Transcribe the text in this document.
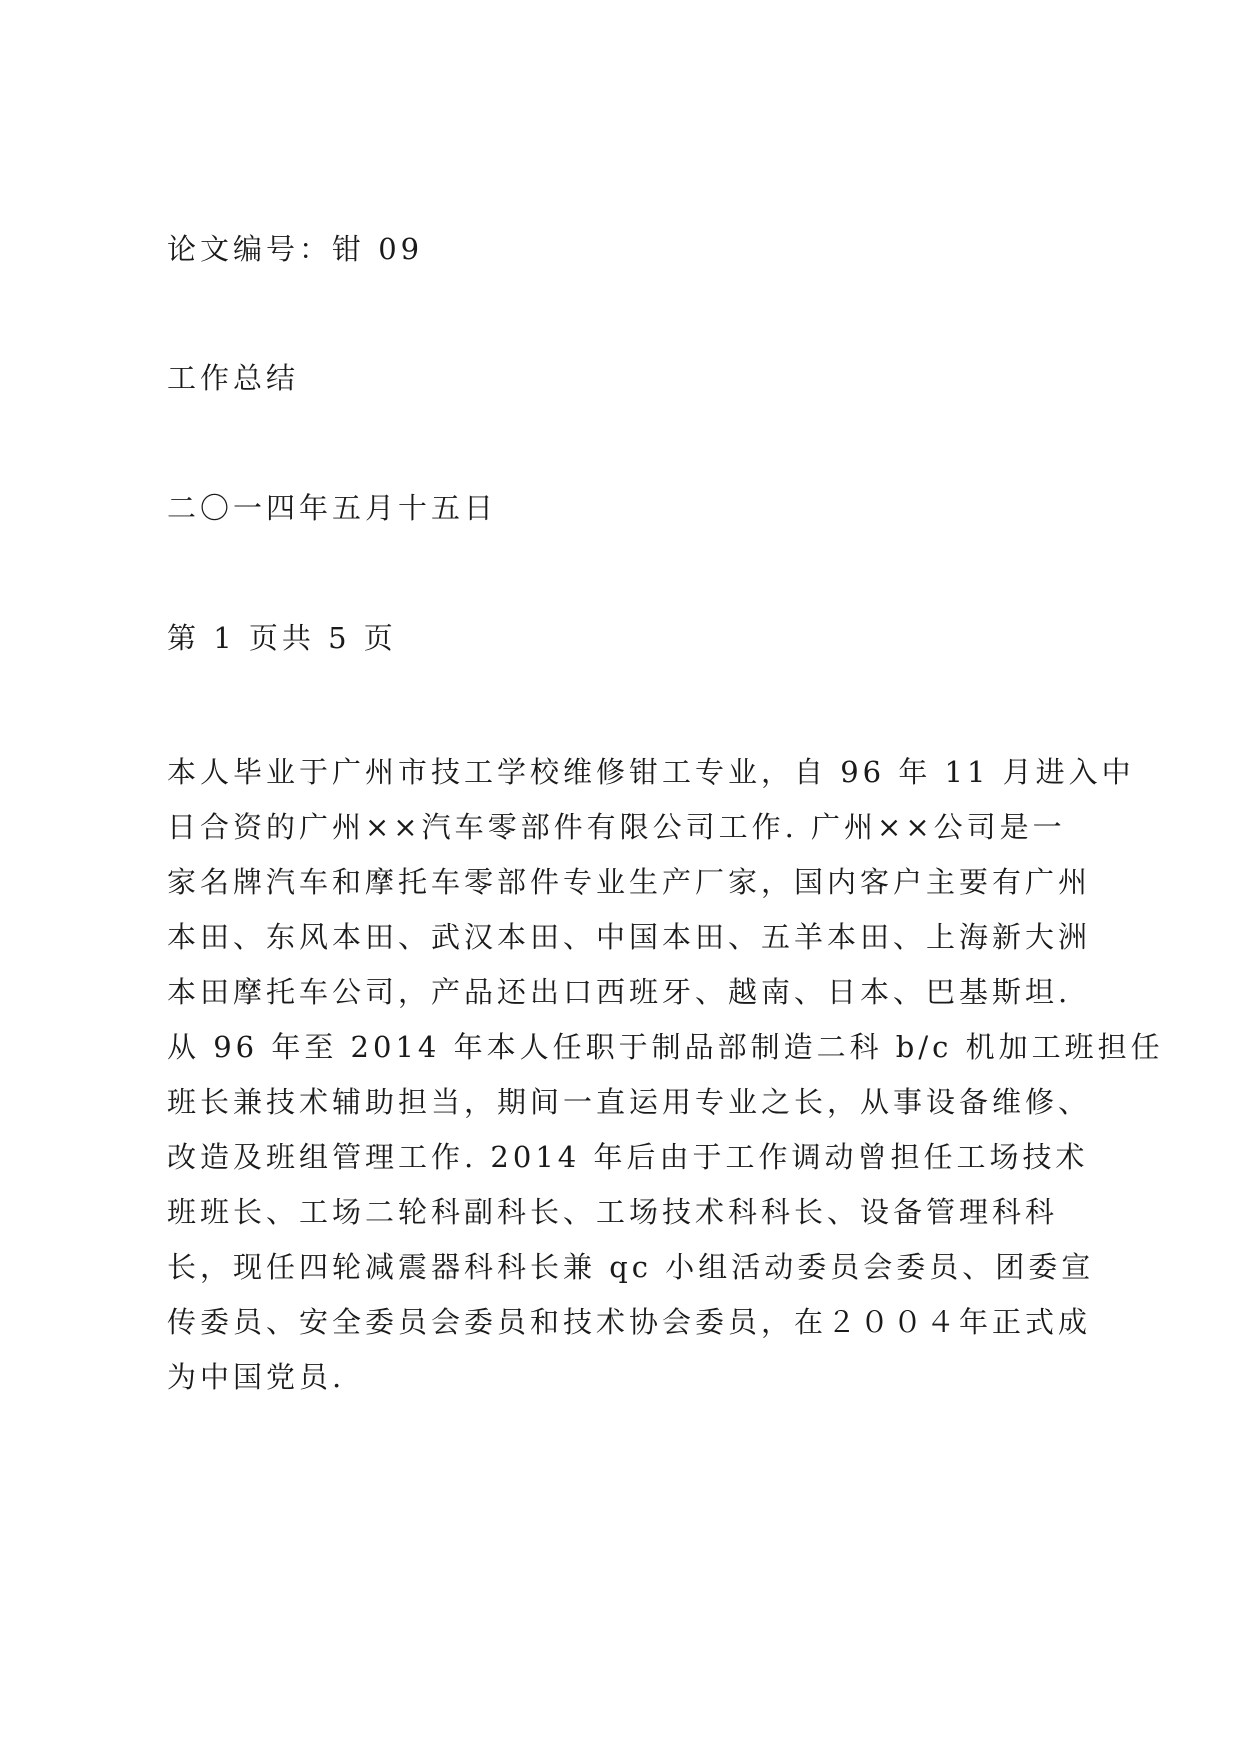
论文编号：钳 09
工作总结
二〇一四年五月十五日
第 1 页共 5 页
本人毕业于广州市技工学校维修钳工专业，自 96 年 11 月进入中
日合资的广州××汽车零部件有限公司工作. 广州××公司是一
家名牌汽车和摩托车零部件专业生产厂家，国内客户主要有广州
本田、东风本田、武汉本田、中国本田、五羊本田、上海新大洲
本田摩托车公司，产品还出口西班牙、越南、日本、巴基斯坦.
从 96 年至 2014 年本人任职于制品部制造二科 b/c 机加工班担任
班长兼技术辅助担当，期间一直运用专业之长，从事设备维修、
改造及班组管理工作. 2014 年后由于工作调动曾担任工场技术
班班长、工场二轮科副科长、工场技术科科长、设备管理科科
长，现任四轮减震器科科长兼 qc 小组活动委员会委员、团委宣
传委员、安全委员会委员和技术协会委员，在２００４年正式成
为中国党员.
